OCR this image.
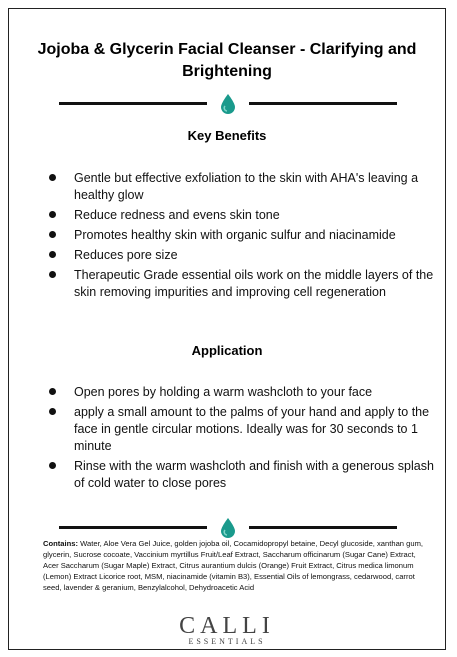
Jojoba & Glycerin Facial Cleanser - Clarifying and Brightening
Key Benefits
Gentle but effective exfoliation to the skin with AHA's leaving a healthy glow
Reduce redness and evens skin tone
Promotes healthy skin with organic sulfur and niacinamide
Reduces pore size
Therapeutic Grade essential oils work on the middle layers of the skin removing impurities and improving cell regeneration
Application
Open pores by holding a warm washcloth to your face
apply a small amount to the palms of your hand and apply to the face in gentle circular motions. Ideally was for 30 seconds to 1 minute
Rinse with the warm washcloth and finish with a generous splash of cold water to close pores
Contains: Water, Aloe Vera Gel Juice, golden jojoba oil, Cocamidopropyl betaine, Decyl glucoside, xanthan gum, glycerin, Sucrose cocoate, Vaccinium myrtillus Fruit/Leaf Extract, Saccharum officinarum (Sugar Cane) Extract, Acer Saccharum (Sugar Maple) Extract, Citrus aurantium dulcis (Orange) Fruit Extract, Citrus medica limonum (Lemon) Extract Licorice root, MSM, niacinamide (vitamin B3), Essential Oils of lemongrass, cedarwood, carrot seed, lavender & geranium, Benzylalcohol, Dehydroacetic Acid
CALLI
ESSENTIALS
